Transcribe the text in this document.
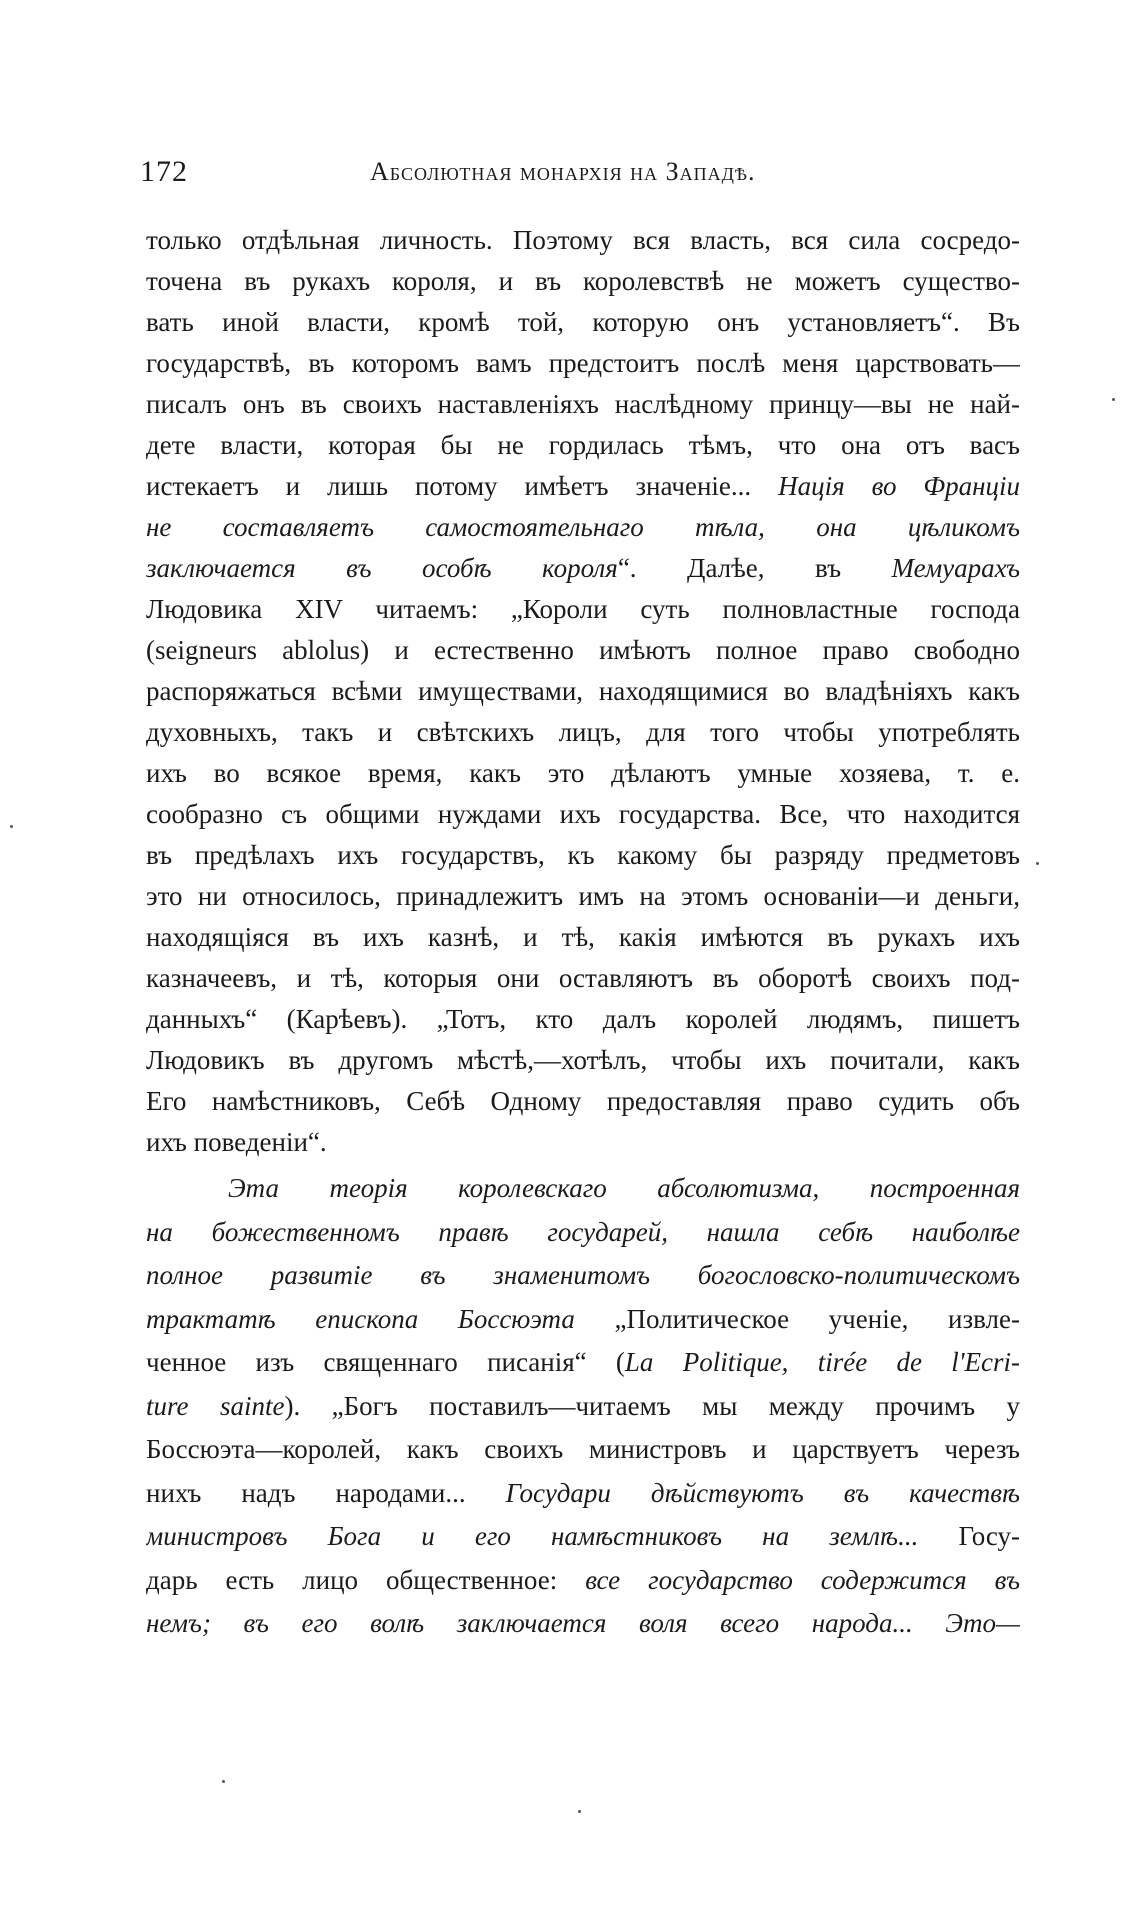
172	Абсолютная монархія на Западѣ.

только отдѣльная личность. Поэтому вся власть, вся сила сосредо-
точена въ рукахъ короля, и въ королевствѣ не можетъ существо-
вать иной власти, кромѣ той, которую онъ установляетъ“. Въ
государствѣ, въ которомъ вамъ предстоитъ послѣ меня царствовать—
писалъ онъ въ своихъ наставленіяхъ наслѣдному принцу—вы не най-
дете власти, которая бы не гордилась тѣмъ, что она отъ васъ
истекаетъ и лишь потому имѣетъ значеніе... Нація во Франціи
не составляетъ самостоятельнаго тѣла, она цѣликомъ
заключается въ особѣ короля“. Далѣе, въ Мемуарахъ
Людовика XIV читаемъ: „Короли суть полновластные господа
(seigneurs ablolus) и естественно имѣютъ полное право свободно
распоряжаться всѣми имуществами, находящимися во владѣніяхъ какъ
духовныхъ, такъ и свѣтскихъ лицъ, для того чтобы употреблять
ихъ во всякое время, какъ это дѣлаютъ умные хозяева, т. е.
сообразно съ общими нуждами ихъ государства. Все, что находится
въ предѣлахъ ихъ государствъ, къ какому бы разряду предметовъ
это ни относилось, принадлежитъ имъ на этомъ основаніи—и деньги,
находящіяся въ ихъ казнѣ, и тѣ, какія имѣются въ рукахъ ихъ
казначеевъ, и тѣ, которыя они оставляютъ въ оборотѣ своихъ под-
данныхъ“ (Карѣевъ). „Тотъ, кто далъ королей людямъ, пишетъ
Людовикъ въ другомъ мѣстѣ,—хотѣлъ, чтобы ихъ почитали, какъ
Его намѣстниковъ, Себѣ Одному предоставляя право судить объ
ихъ поведеніи“.

Эта теорія королевскаго абсолютизма, построенная
на божественномъ правѣ государей, нашла себѣ наиболѣе
полное развитіе въ знаменитомъ богословско-политическомъ
трактатѣ епископа Боссюэта „Политическое ученіе, извле-
ченное изъ священнаго писанія“ (La Politique, tirée de l'Ecri-
ture sainte). „Богъ поставилъ—читаемъ мы между прочимъ у
Боссюэта—королей, какъ своихъ министровъ и царствуетъ черезъ
нихъ надъ народами... Государи дѣйствуютъ въ качествѣ
министровъ Бога и его намѣстниковъ на землѣ... Госу-
дарь есть лицо общественное: все государство содержится въ
немъ; въ его волѣ заключается воля всего народа... Это—
